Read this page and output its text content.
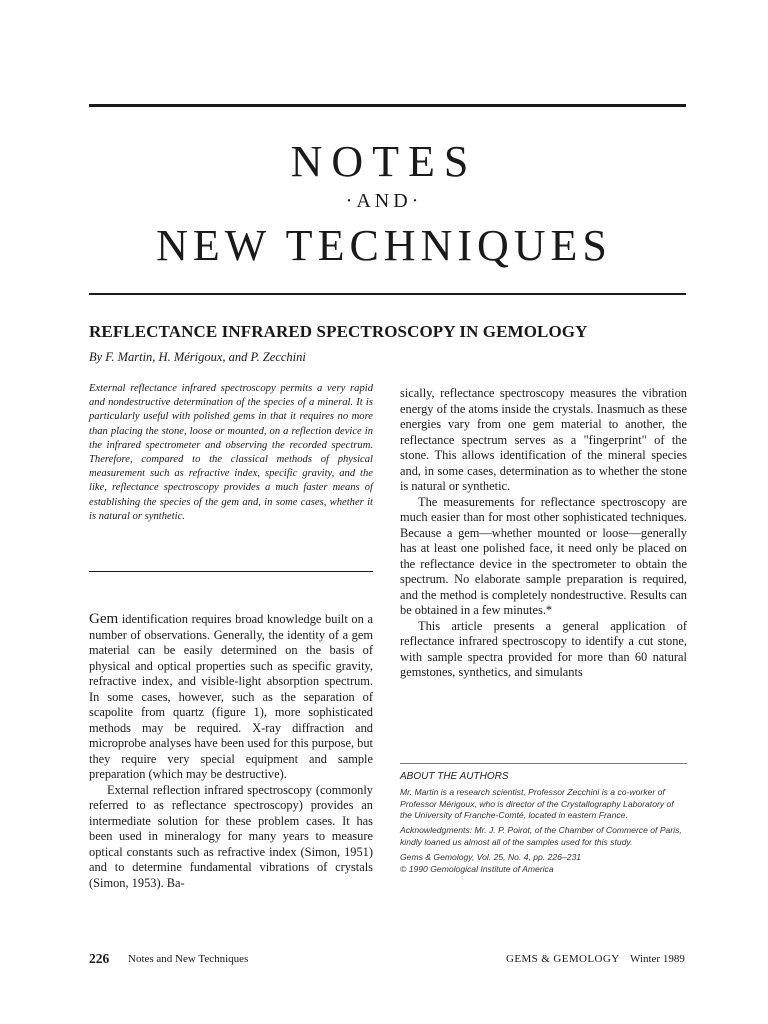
NOTES
·AND·
NEW TECHNIQUES
REFLECTANCE INFRARED SPECTROSCOPY IN GEMOLOGY
By F. Martin, H. Mérigoux, and P. Zecchini

External reflectance infrared spectroscopy permits a very rapid and nondestructive determination of the species of a mineral. It is particularly useful with polished gems in that it requires no more than placing the stone, loose or mounted, on a reflection device in the infrared spectrometer and observing the recorded spectrum. Therefore, compared to the classical methods of physical measurement such as refractive index, specific gravity, and the like, reflectance spectroscopy provides a much faster means of establishing the species of the gem and, in some cases, whether it is natural or synthetic.

Gem identification requires broad knowledge built on a number of observations. Generally, the identity of a gem material can be easily determined on the basis of physical and optical properties such as specific gravity, refractive index, and visible-light absorption spectrum. In some cases, however, such as the separation of scapolite from quartz (figure 1), more sophisticated methods may be required. X-ray diffraction and microprobe analyses have been used for this purpose, but they require very special equipment and sample preparation (which may be destructive).

External reflection infrared spectroscopy (commonly referred to as reflectance spectroscopy) provides an intermediate solution for these problem cases. It has been used in mineralogy for many years to measure optical constants such as refractive index (Simon, 1951) and to determine fundamental vibrations of crystals (Simon, 1953). Ba-

sically, reflectance spectroscopy measures the vibration energy of the atoms inside the crystals. Inasmuch as these energies vary from one gem material to another, the reflectance spectrum serves as a "fingerprint" of the stone. This allows identification of the mineral species and, in some cases, determination as to whether the stone is natural or synthetic.

The measurements for reflectance spectroscopy are much easier than for most other sophisticated techniques. Because a gem—whether mounted or loose—generally has at least one polished face, it need only be placed on the reflectance device in the spectrometer to obtain the spectrum. No elaborate sample preparation is required, and the method is completely nondestructive. Results can be obtained in a few minutes.*

This article presents a general application of reflectance infrared spectroscopy to identify a cut stone, with sample spectra provided for more than 60 natural gemstones, synthetics, and simulants

ABOUT THE AUTHORS

Mr. Martin is a research scientist, Professor Zecchini is a co-worker of Professor Mérigoux, who is director of the Crystallography Laboratory of the University of Franche-Comté, located in eastern France.

Acknowledgments: Mr. J. P. Poirot, of the Chamber of Commerce of Paris, kindly loaned us almost all of the samples used for this study.

Gems & Gemology, Vol. 25, No. 4, pp. 226–231

© 1990 Gemological Institute of America

226 Notes and New Techniques	GEMS & GEMOLOGY Winter 1989
